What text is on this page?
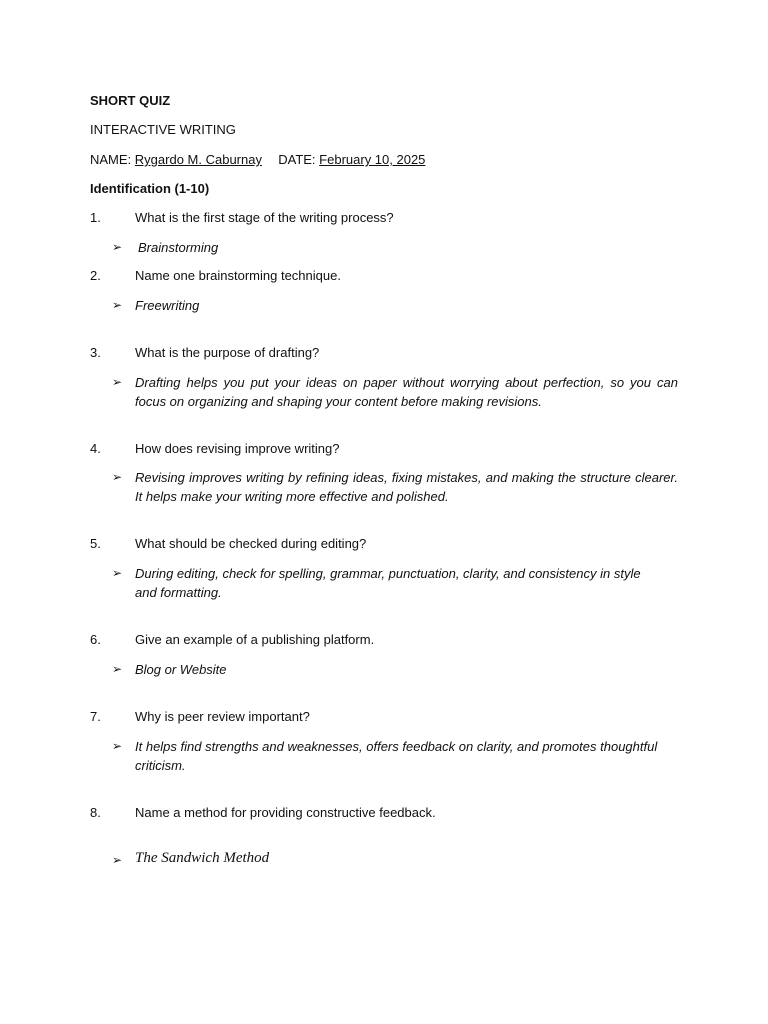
SHORT QUIZ
INTERACTIVE WRITING
NAME: Rygardo M. Caburnay DATE: February 10, 2025
Identification (1-10)
1.	What is the first stage of the writing process?
➢ Brainstorming
2.	Name one brainstorming technique.
➢ Freewriting
3.	What is the purpose of drafting?
➢ Drafting helps you put your ideas on paper without worrying about perfection, so you can focus on organizing and shaping your content before making revisions.
4.	How does revising improve writing?
➢ Revising improves writing by refining ideas, fixing mistakes, and making the structure clearer. It helps make your writing more effective and polished.
5.	What should be checked during editing?
➢ During editing, check for spelling, grammar, punctuation, clarity, and consistency in style and formatting.
6.	Give an example of a publishing platform.
➢ Blog or Website
7.	Why is peer review important?
➢ It helps find strengths and weaknesses, offers feedback on clarity, and promotes thoughtful criticism.
8.	Name a method for providing constructive feedback.
➢ The Sandwich Method
